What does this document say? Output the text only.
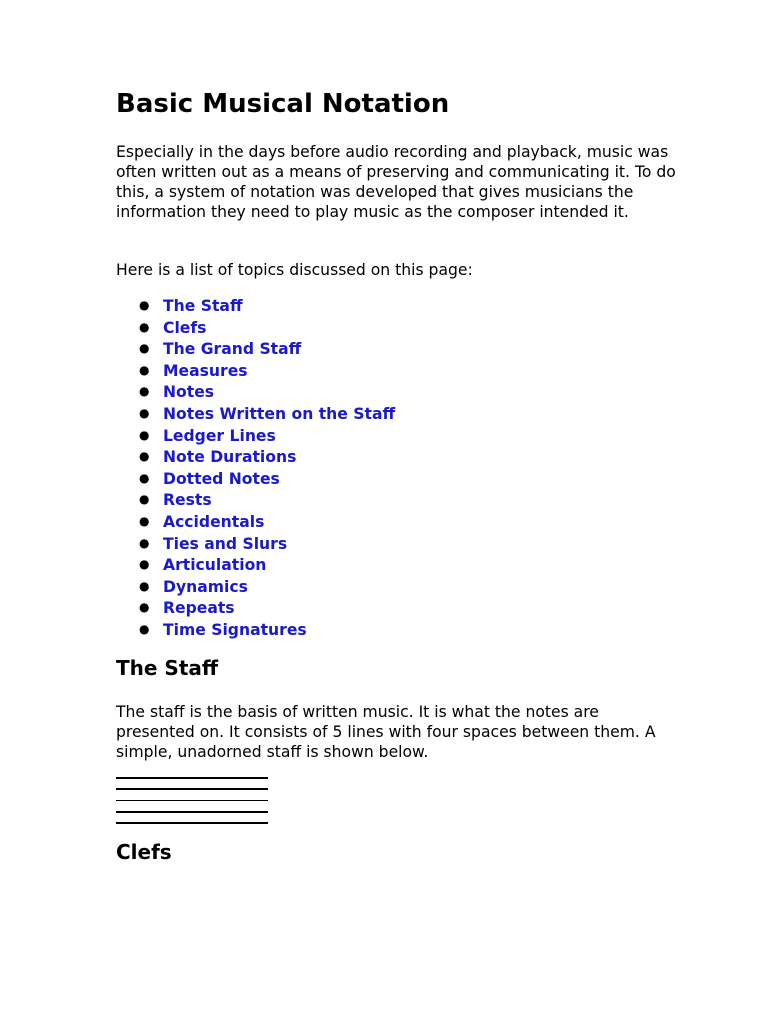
Basic Musical Notation

Especially in the days before audio recording and playback, music was often written out as a means of preserving and communicating it. To do this, a system of notation was developed that gives musicians the information they need to play music as the composer intended it.

Here is a list of topics discussed on this page:

● The Staff
● Clefs
● The Grand Staff
● Measures
● Notes
● Notes Written on the Staff
● Ledger Lines
● Note Durations
● Dotted Notes
● Rests
● Accidentals
● Ties and Slurs
● Articulation
● Dynamics
● Repeats
● Time Signatures
The Staff

The staff is the basis of written music. It is what the notes are presented on. It consists of 5 lines with four spaces between them. A simple, unadorned staff is shown below.

Clefs
